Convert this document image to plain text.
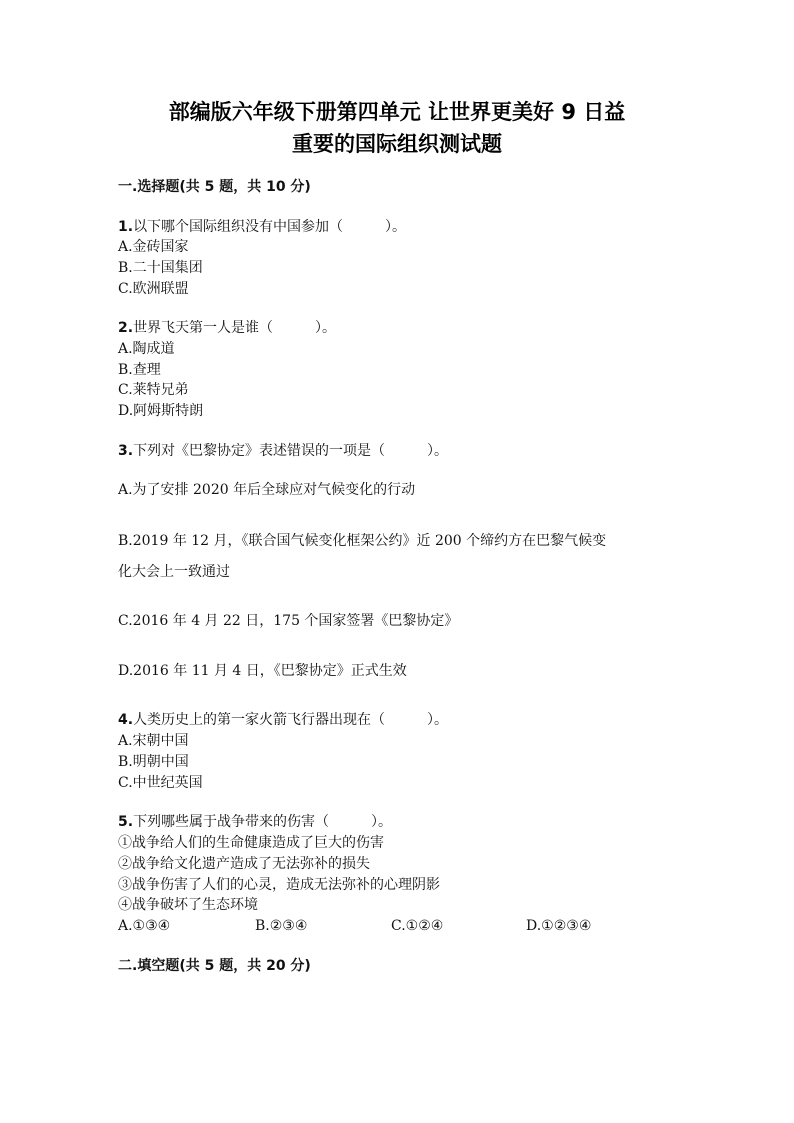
部编版六年级下册第四单元 让世界更美好 9 日益
重要的国际组织测试题
一.选择题(共 5 题，共 10 分)
1.以下哪个国际组织没有中国参加（　　　）。
A.金砖国家
B.二十国集团
C.欧洲联盟
2.世界飞天第一人是谁（　　　）。
A.陶成道
B.查理
C.莱特兄弟
D.阿姆斯特朗
3.下列对《巴黎协定》表述错误的一项是（　　　）。
A.为了安排 2020 年后全球应对气候变化的行动
B.2019 年 12 月，《联合国气候变化框架公约》近 200 个缔约方在巴黎气候变
化大会上一致通过
C.2016 年 4 月 22 日，175 个国家签署《巴黎协定》
D.2016 年 11 月 4 日，《巴黎协定》正式生效
4.人类历史上的第一家火箭飞行器出现在（　　　）。
A.宋朝中国
B.明朝中国
C.中世纪英国
5.下列哪些属于战争带来的伤害（　　　）。
①战争给人们的生命健康造成了巨大的伤害
②战争给文化遗产造成了无法弥补的损失
③战争伤害了人们的心灵，造成无法弥补的心理阴影
④战争破坏了生态环境
A.①③④	B.②③④	C.①②④	D.①②③④
二.填空题(共 5 题，共 20 分)
